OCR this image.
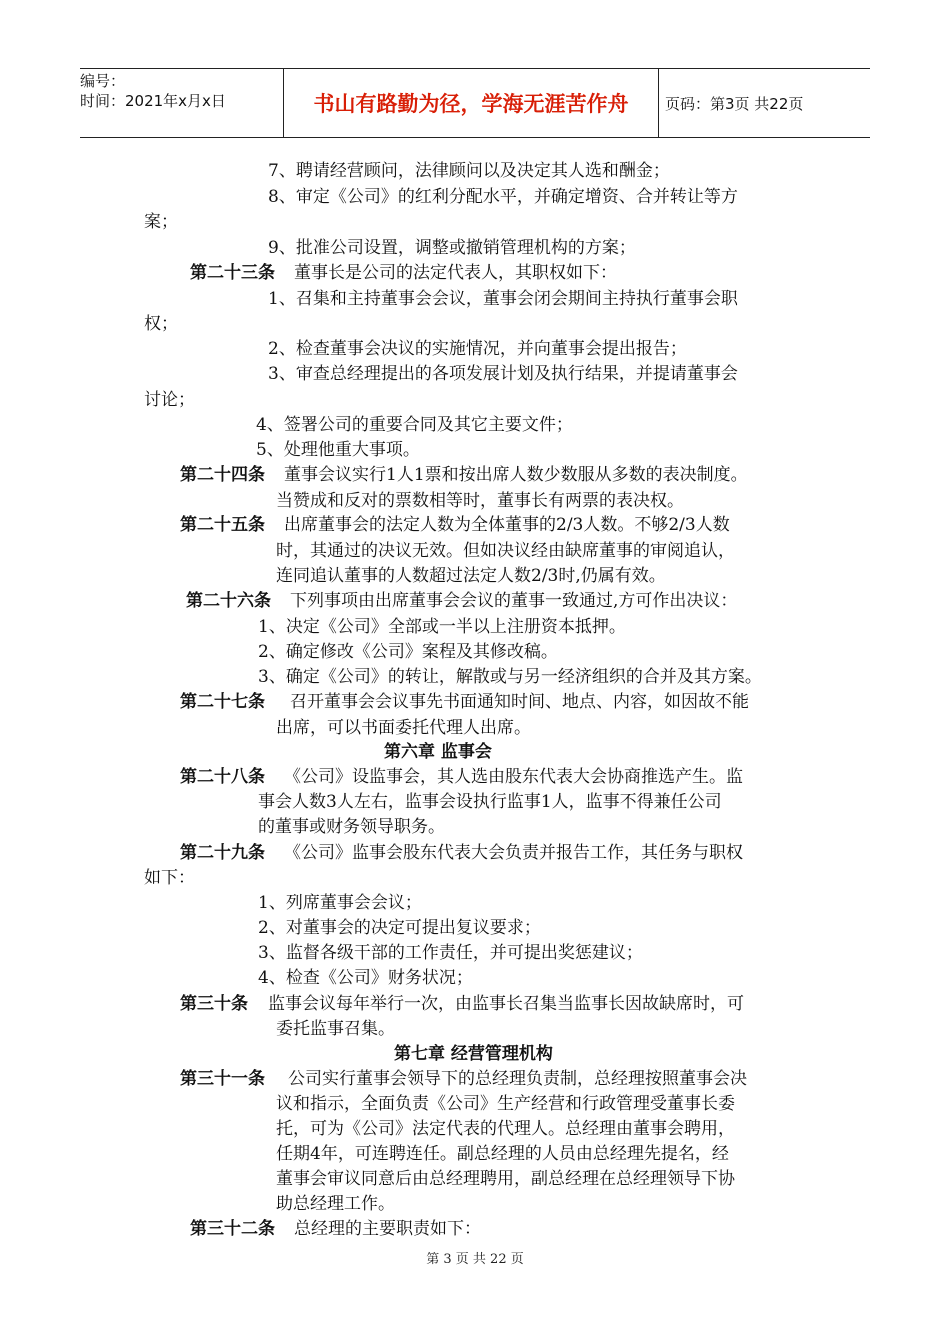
编号：
时间：2021年x月x日	书山有路勤为径，学海无涯苦作舟	页码：第3页 共22页
7、聘请经营顾问，法律顾问以及决定其人选和酬金；
8、审定《公司》的红利分配水平，并确定增资、合并转让等方
案；
9、批准公司设置，调整或撤销管理机构的方案；
第二十三条 董事长是公司的法定代表人，其职权如下：
1、召集和主持董事会会议，董事会闭会期间主持执行董事会职
权；
2、检查董事会决议的实施情况，并向董事会提出报告；
3、审查总经理提出的各项发展计划及执行结果，并提请董事会
讨论；
4、签署公司的重要合同及其它主要文件；
5、处理他重大事项。
第二十四条 董事会议实行1人1票和按出席人数少数服从多数的表决制度。
当赞成和反对的票数相等时，董事长有两票的表决权。
第二十五条 出席董事会的法定人数为全体董事的2/3人数。不够2/3人数
时，其通过的决议无效。但如决议经由缺席董事的审阅追认，
连同追认董事的人数超过法定人数2/3时,仍属有效。
第二十六条 下列事项由出席董事会会议的董事一致通过,方可作出决议：
1、决定《公司》全部或一半以上注册资本抵押。
2、确定修改《公司》案程及其修改稿。
3、确定《公司》的转让，解散或与另一经济组织的合并及其方案。
第二十七条 召开董事会会议事先书面通知时间、地点、内容，如因故不能
出席，可以书面委托代理人出席。
第六章 监事会
第二十八条 《公司》设监事会，其人选由股东代表大会协商推选产生。监
事会人数3人左右，监事会设执行监事1人，监事不得兼任公司
的董事或财务领导职务。
第二十九条 《公司》监事会股东代表大会负责并报告工作，其任务与职权
如下：
1、列席董事会会议；
2、对董事会的决定可提出复议要求；
3、监督各级干部的工作责任，并可提出奖惩建议；
4、检查《公司》财务状况；
第三十条 监事会议每年举行一次，由监事长召集当监事长因故缺席时，可
委托监事召集。
第七章 经营管理机构
第三十一条 公司实行董事会领导下的总经理负责制，总经理按照董事会决
议和指示，全面负责《公司》生产经营和行政管理受董事长委
托，可为《公司》法定代表的代理人。总经理由董事会聘用，
任期4年，可连聘连任。副总经理的人员由总经理先提名，经
董事会审议同意后由总经理聘用，副总经理在总经理领导下协
助总经理工作。
第三十二条 总经理的主要职责如下：
第 3 页 共 22 页
